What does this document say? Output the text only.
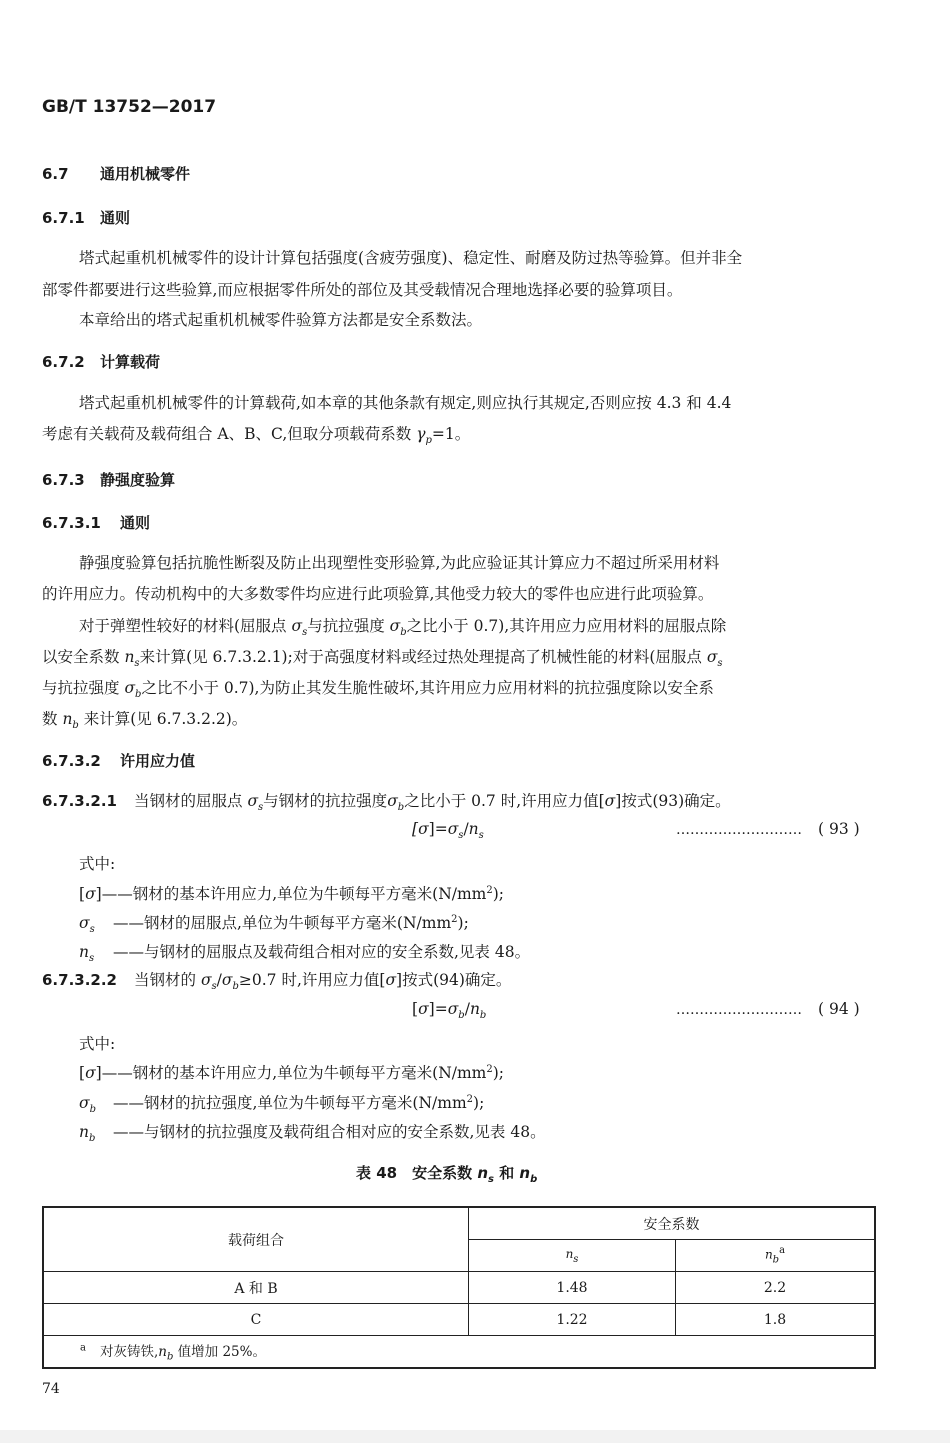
GB/T 13752—2017
6.7 通用机械零件
6.7.1 通则
塔式起重机机械零件的设计计算包括强度(含疲劳强度)、稳定性、耐磨及防过热等验算。但并非全
部零件都要进行这些验算,而应根据零件所处的部位及其受载情况合理地选择必要的验算项目。
本章给出的塔式起重机机械零件验算方法都是安全系数法。
6.7.2 计算载荷
塔式起重机机械零件的计算载荷,如本章的其他条款有规定,则应执行其规定,否则应按 4.3 和 4.4
考虑有关载荷及载荷组合 A、B、C,但取分项载荷系数 $\gamma_p=1$。
6.7.3 静强度验算
6.7.3.1 通则
静强度验算包括抗脆性断裂及防止出现塑性变形验算,为此应验证其计算应力不超过所采用材料
的许用应力。传动机构中的大多数零件均应进行此项验算,其他受力较大的零件也应进行此项验算。
对于弹塑性较好的材料(屈服点 $\sigma_s$与抗拉强度 $\sigma_b$之比小于 0.7),其许用应力应用材料的屈服点除
以安全系数 $n_s$来计算(见 6.7.3.2.1);对于高强度材料或经过热处理提高了机械性能的材料(屈服点 $\sigma_s$
与抗拉强度 $\sigma_b$之比不小于 0.7),为防止其发生脆性破坏,其许用应力应用材料的抗拉强度除以安全系
数 $n_b$ 来计算(见 6.7.3.2.2)。
6.7.3.2 许用应力值
6.7.3.2.1 当钢材的屈服点 $\sigma_s$与钢材的抗拉强度$\sigma_b$之比小于 0.7 时,许用应力值[σ]按式(93)确定。
$[\sigma]=\sigma_s/n_s$	……………………… ( 93 )
式中:
[σ]——钢材的基本许用应力,单位为牛顿每平方毫米$(N/mm^2)$;
$\sigma_s$ ——钢材的屈服点,单位为牛顿每平方毫米$(N/mm^2)$;
$n_s$ ——与钢材的屈服点及载荷组合相对应的安全系数,见表 48。
6.7.3.2.2 当钢材的 $\sigma_s/\sigma_b\ge 0.7$ 时,许用应力值[σ]按式(94)确定。
$[\sigma]=\sigma_b/n_b$	……………………… ( 94 )
式中:
[σ]——钢材的基本许用应力,单位为牛顿每平方毫米$(N/mm^2)$;
$\sigma_b$ ——钢材的抗拉强度,单位为牛顿每平方毫米$(N/mm^2)$;
$n_b$ ——与钢材的抗拉强度及载荷组合相对应的安全系数,见表 48。
表 48　安全系数 $n_s$ 和 $n_b$
载荷组合	安全系数	
	$n_s$	$n_b^a$
A 和 B	1.48	2.2
C	1.22	1.8
$^a$ 对灰铸铁$,n_b$ 值增加 25%。		
74
